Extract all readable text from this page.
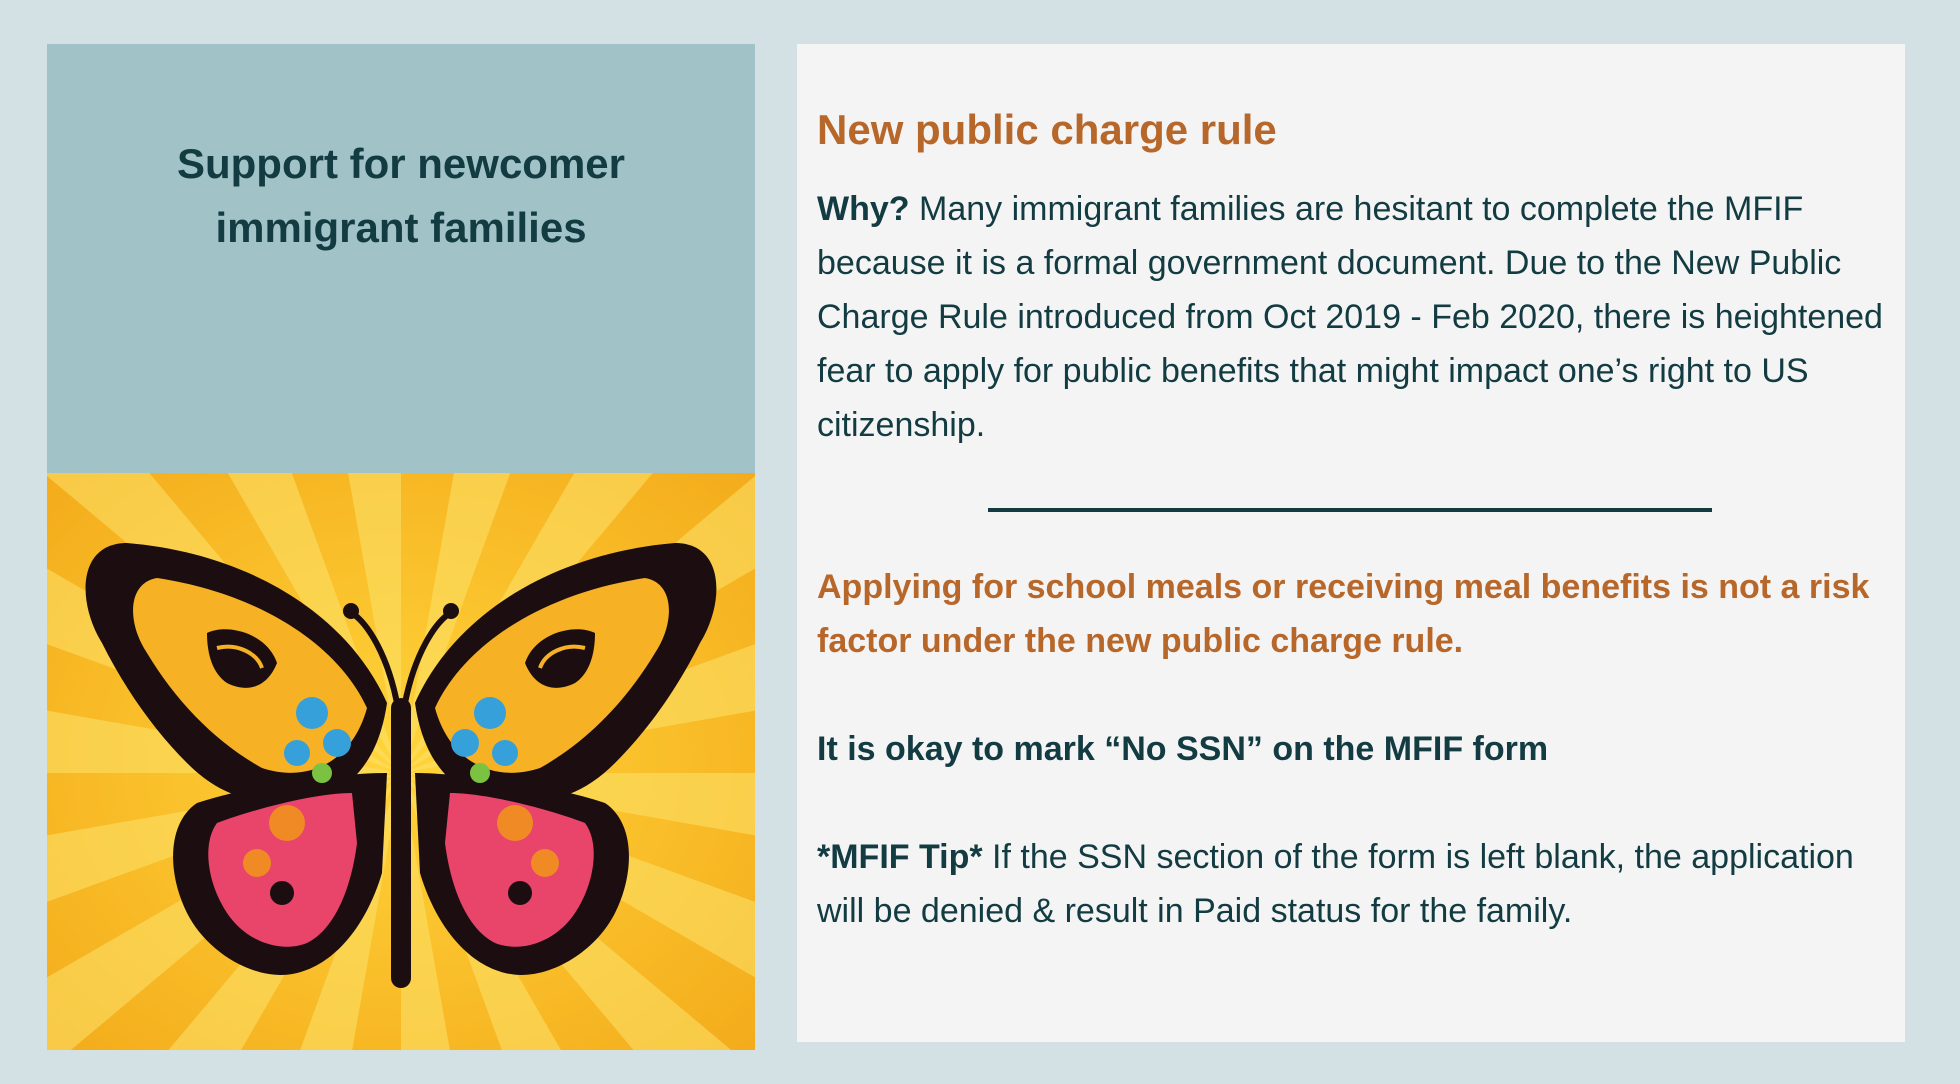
Support for newcomer
immigrant families
New public charge rule

Why? Many immigrant families are hesitant to complete the MFIF because it is a formal government document. Due to the New Public Charge Rule introduced from Oct 2019 - Feb 2020, there is heightened fear to apply for public benefits that might impact one’s right to US citizenship.

Applying for school meals or receiving meal benefits is not a risk factor under the new public charge rule.

It is okay to mark “No SSN” on the MFIF form

*MFIF Tip* If the SSN section of the form is left blank, the application will be denied & result in Paid status for the family.
